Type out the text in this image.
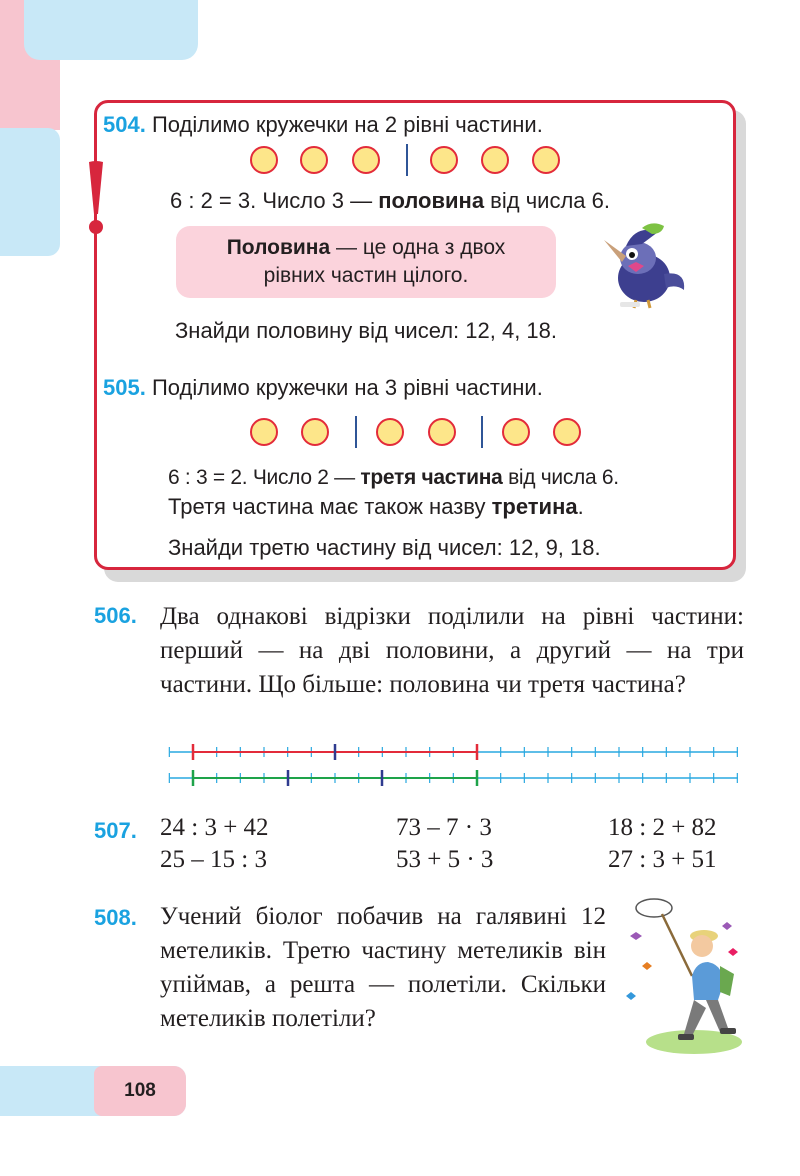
504. Поділимо кружечки на 2 рівні частини.
6 : 2 = 3. Число 3 — половина від числа 6.
Половина — це одна з двох
рівних частин цілого.
Знайди половину від чисел: 12, 4, 18.
505. Поділимо кружечки на 3 рівні частини.
6 : 3 = 2. Число 2 — третя частина від числа 6.
Третя частина має також назву третина.
Знайди третю частину від чисел: 12, 9, 18.
506. Два однакові відрізки поділили на рівні частини: перший — на дві половини, а другий — на три частини. Що більше: половина чи третя частина?
507. 24 : 3 + 42
25 – 15 : 3
73 – 7 · 3
53 + 5 · 3
18 : 2 + 82
27 : 3 + 51
508. Учений біолог побачив на галявині 12 метеликів. Третю частину метеликів він упіймав, а решта — полетіли. Скільки метеликів полетіли?
108
